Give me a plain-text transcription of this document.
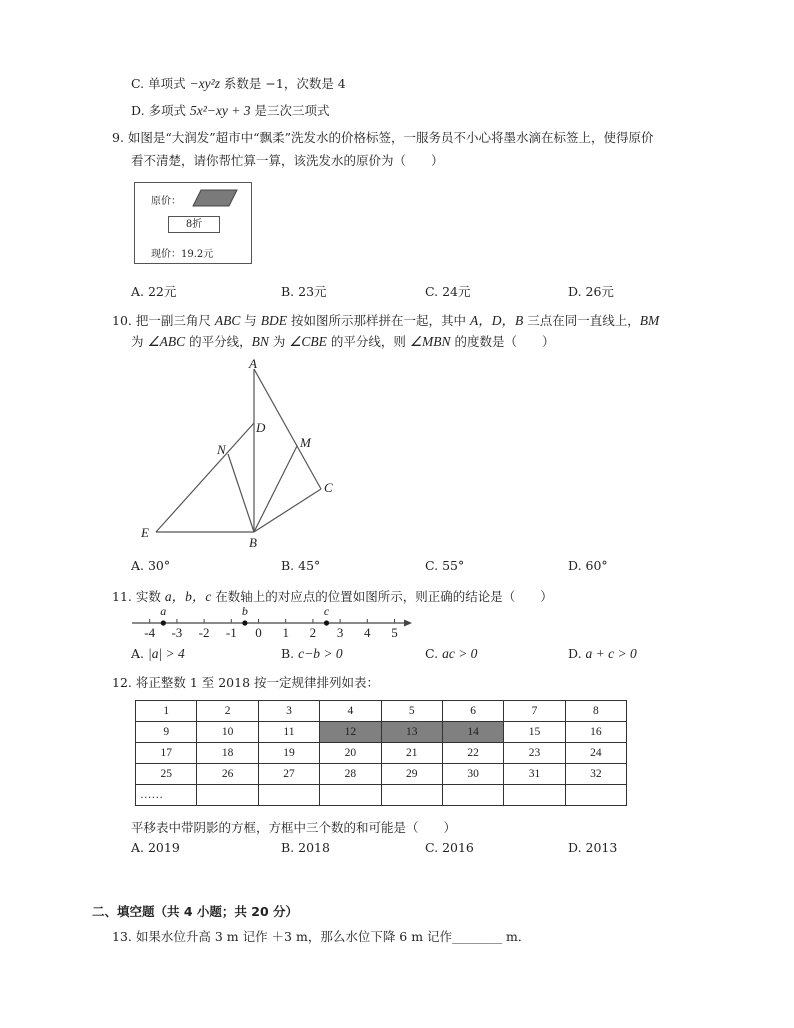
C. 单项式 −xy²z 系数是 −1，次数是 4
D. 多项式 5x²−xy + 3 是三次三项式
9. 如图是“大润发”超市中“飘柔”洗发水的价格标签，一服务员不小心将墨水滴在标签上，使得原价
看不清楚，请你帮忙算一算，该洗发水的原价为（　　）
原价：
8折
现价：19.2元
A. 22元	B. 23元	C. 24元	D. 26元
10. 把一副三角尺 ABC 与 BDE 按如图所示那样拼在一起，其中 A，D，B 三点在同一直线上，BM
为 ∠ABC 的平分线，BN 为 ∠CBE 的平分线，则 ∠MBN 的度数是（　　）
A
D
N	M
C
E
B
A. 30°	B. 45°	C. 55°	D. 60°
11. 实数 a，b，c 在数轴上的对应点的位置如图所示，则正确的结论是（　　）
-4 -3 -2 -1 0 1 2 3 4 5
a	b	c
A. |a| > 4	B. c−b > 0	C. ac > 0	D. a + c > 0
12. 将正整数 1 至 2018 按一定规律排列如表：
1	2	3	4	5	6	7	8
9	10	11	12	13	14	15	16
17	18	19	20	21	22	23	24
25	26	27	28	29	30	31	32
……							
平移表中带阴影的方框，方框中三个数的和可能是（　　）
A. 2019	B. 2018	C. 2016	D. 2013
二、填空题（共 4 小题；共 20 分）
13. 如果水位升高 3 m 记作 ＋3 m，那么水位下降 6 m 记作________ m．
